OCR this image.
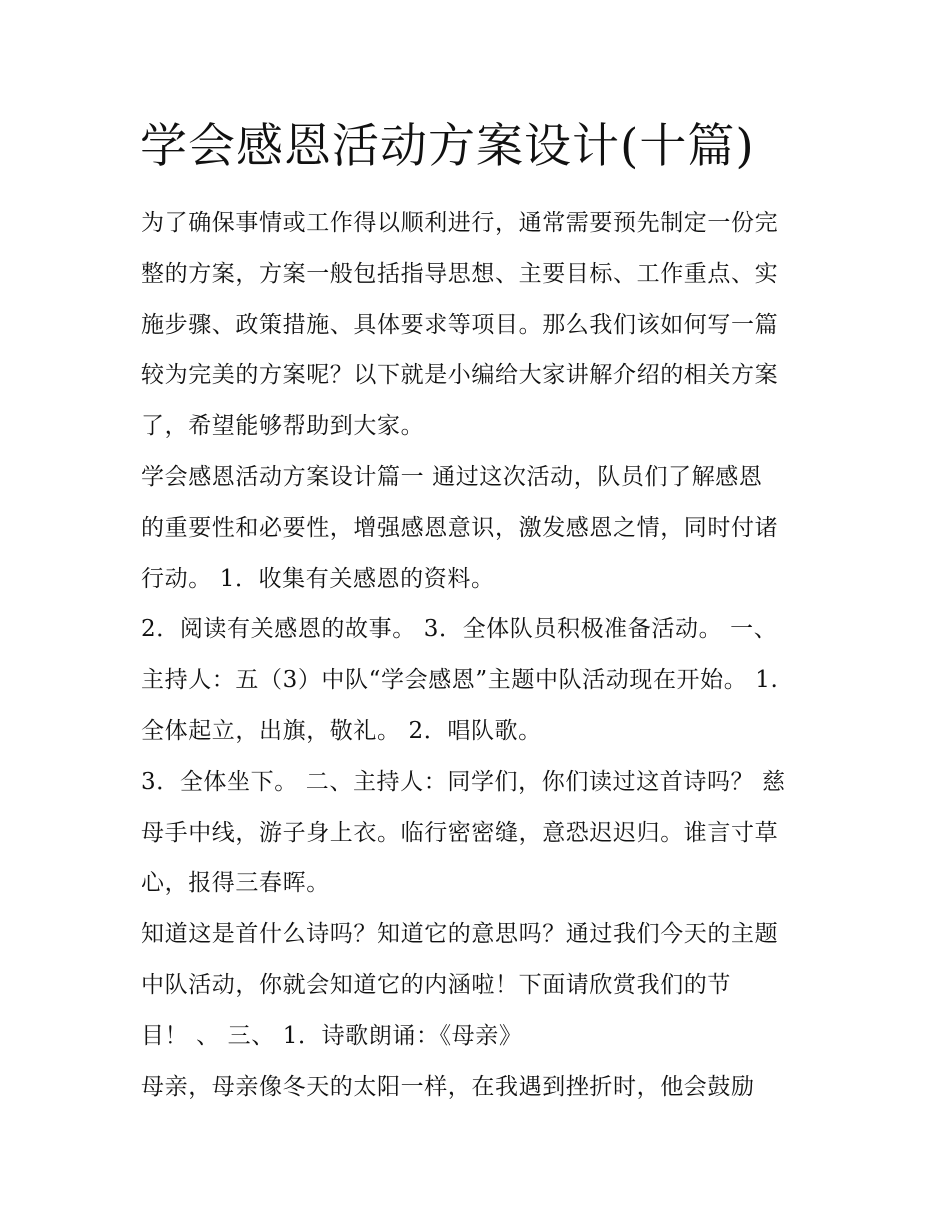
学会感恩活动方案设计(十篇)
为了确保事情或工作得以顺利进行，通常需要预先制定一份完
整的方案，方案一般包括指导思想、主要目标、工作重点、实
施步骤、政策措施、具体要求等项目。那么我们该如何写一篇
较为完美的方案呢？以下就是小编给大家讲解介绍的相关方案
了，希望能够帮助到大家。
学会感恩活动方案设计篇一 通过这次活动，队员们了解感恩
的重要性和必要性，增强感恩意识，激发感恩之情，同时付诸
行动。 1．收集有关感恩的资料。
2．阅读有关感恩的故事。 3．全体队员积极准备活动。 一、
主持人：五（3）中队“学会感恩”主题中队活动现在开始。 1.
全体起立，出旗，敬礼。 2．唱队歌。
3．全体坐下。 二、主持人：同学们，你们读过这首诗吗？ 慈
母手中线，游子身上衣。临行密密缝，意恐迟迟归。谁言寸草
心，报得三春晖。
知道这是首什么诗吗？知道它的意思吗？通过我们今天的主题
中队活动，你就会知道它的内涵啦！下面请欣赏我们的节
目！ 、 三、 1．诗歌朗诵：《母亲》
母亲，母亲像冬天的太阳一样，在我遇到挫折时，他会鼓励
